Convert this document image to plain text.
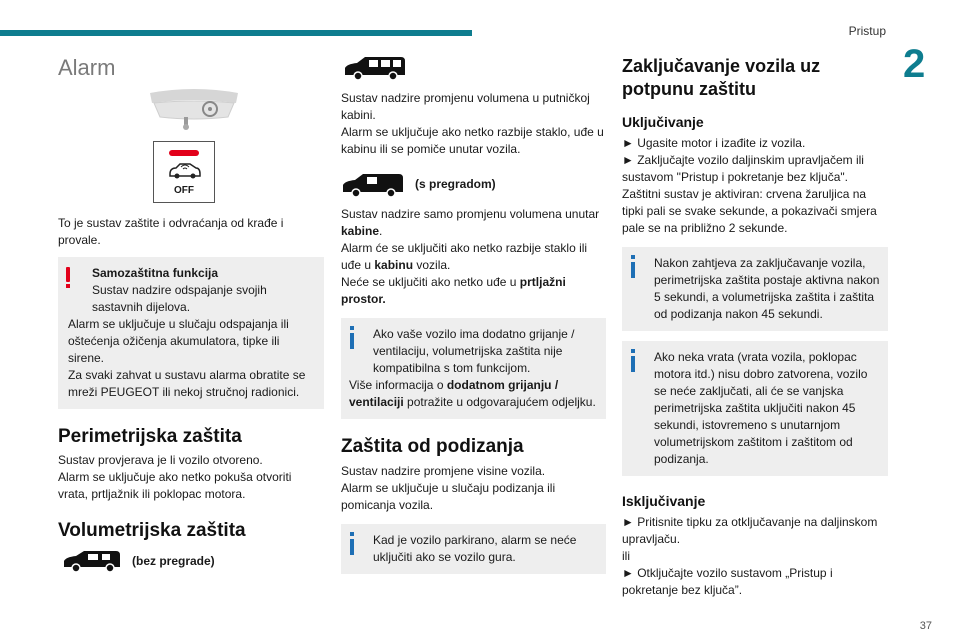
Pristup
2
37
Alarm
OFF

To je sustav zaštite i odvraćanja od krađe i provale.

Samozaštitna funkcija

Sustav nadzire odspajanje svojih sastavnih dijelova.

Alarm se uključuje u slučaju odspajanja ili oštećenja ožičenja akumulatora, tipke ili sirene.

Za svaki zahvat u sustavu alarma obratite se mreži PEUGEOT ili nekoj stručnoj radionici.

Perimetrijska zaštita

Sustav provjerava je li vozilo otvoreno.

Alarm se uključuje ako netko pokuša otvoriti vrata, prtljažnik ili poklopac motora.

Volumetrijska zaštita
(bez pregrade)

Sustav nadzire promjenu volumena u putničkoj kabini.

Alarm se uključuje ako netko razbije staklo, uđe u kabinu ili se pomiče unutar vozila.

(s pregradom)

Sustav nadzire samo promjenu volumena unutar kabine.

Alarm će se uključiti ako netko razbije staklo ili uđe u kabinu vozila.

Neće se uključiti ako netko uđe u prtljažni prostor.

Ako vaše vozilo ima dodatno grijanje / ventilaciju, volumetrijska zaštita nije kompatibilna s tom funkcijom.

Više informacija o dodatnom grijanju / ventilaciji potražite u odgovarajućem odjeljku.

Zaštita od podizanja

Sustav nadzire promjene visine vozila.

Alarm se uključuje u slučaju podizanja ili pomicanja vozila.

Kad je vozilo parkirano, alarm se neće uključiti ako se vozilo gura.

Zaključavanje vozila uz potpunu zaštitu
Uključivanje

► Ugasite motor i izađite iz vozila.

► Zaključajte vozilo daljinskim upravljačem ili sustavom "Pristup i pokretanje bez ključa".

Zaštitni sustav je aktiviran: crvena žaruljica na tipki pali se svake sekunde, a pokazivači smjera pale se na približno 2 sekunde.

Nakon zahtjeva za zaključavanje vozila, perimetrijska zaštita postaje aktivna nakon 5 sekundi, a volumetrijska zaštita i zaštita od podizanja nakon 45 sekundi.

Ako neka vrata (vrata vozila, poklopac motora itd.) nisu dobro zatvorena, vozilo se neće zaključati, ali će se vanjska perimetrijska zaštita uključiti nakon 45 sekundi, istovremeno s unutarnjom volumetrijskom zaštitom i zaštitom od podizanja.

Isključivanje

► Pritisnite tipku za otključavanje na daljinskom upravljaču.

ili

► Otključajte vozilo sustavom „Pristup i pokretanje bez ključa”.
